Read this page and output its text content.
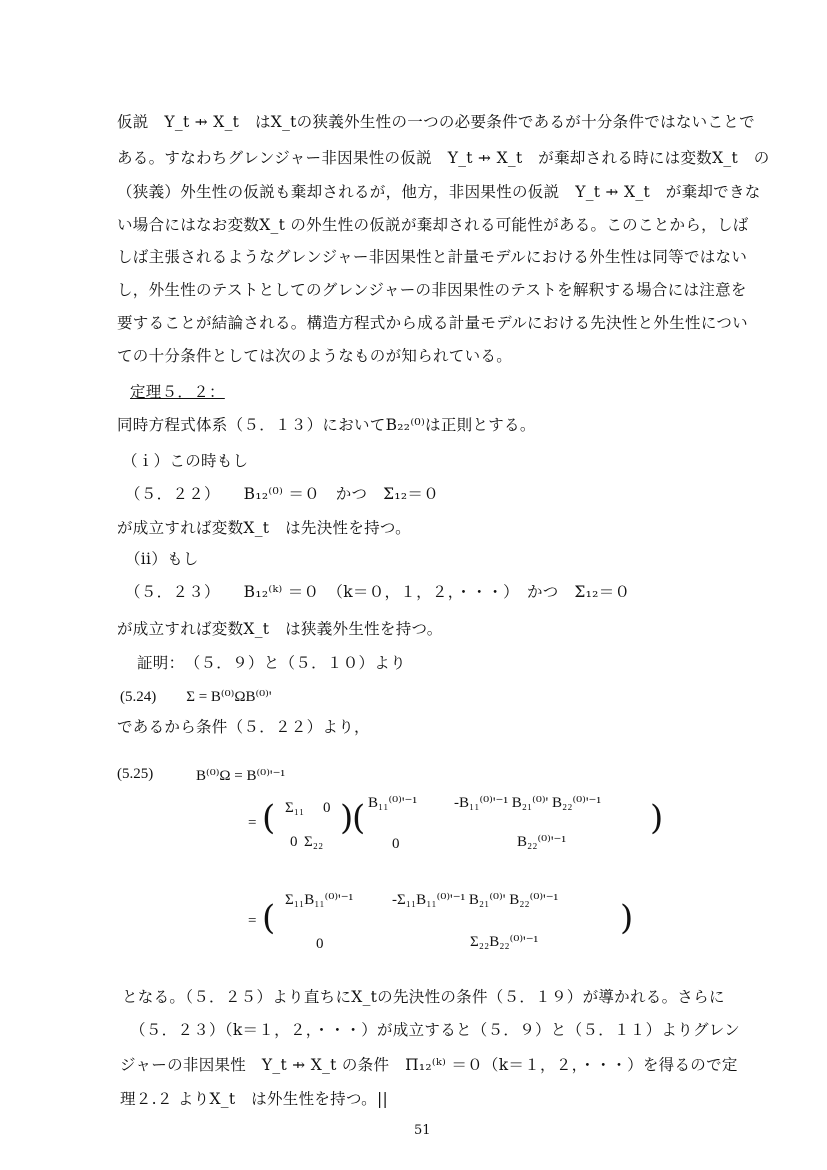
仮説　Y_t ⇸ X_t　はX_tの狭義外生性の一つの必要条件であるが十分条件ではないことで
ある。すなわちグレンジャー非因果性の仮説　Y_t ⇸ X_t　が棄却される時には変数X_t　の
（狭義）外生性の仮説も棄却されるが，他方，非因果性の仮説　Y_t ⇸ X_t　が棄却できな
い場合にはなお変数X_t の外生性の仮説が棄却される可能性がある。このことから，しば
しば主張されるようなグレンジャー非因果性と計量モデルにおける外生性は同等ではない
し，外生性のテストとしてのグレンジャーの非因果性のテストを解釈する場合には注意を
要することが結論される。構造方程式から成る計量モデルにおける先決性と外生性につい
ての十分条件としては次のようなものが知られている。
定理５．２：
同時方程式体系（５．１３）においてB₂₂⁽⁰⁾は正則とする。
（ｉ）この時もし
（５．２２）　　B₁₂⁽⁰⁾ ＝０　かつ　Σ₁₂＝０
が成立すれば変数X_t　は先決性を持つ。
（ii）もし
（５．２３）　　B₁₂⁽ᵏ⁾ ＝０　（k＝０，１，２，・・・）　かつ　Σ₁₂＝０
が成立すれば変数X_t　は狭義外生性を持つ。
証明：　（５．９）と（５．１０）より
(5.24)　　Σ = B⁽⁰⁾ΩB⁽⁰⁾'
であるから条件（５．２２）より，
(5.25)	B⁽⁰⁾Ω = B⁽⁰⁾'⁻¹
= ( Σ₁₁ 0
0 Σ₂₂
)
( B₁₁⁽⁰⁾'⁻¹ -B₁₁⁽⁰⁾'⁻¹ B₂₁⁽⁰⁾' B₂₂⁽⁰⁾'⁻¹
0	B₂₂⁽⁰⁾'⁻¹
)
= ( Σ₁₁B₁₁⁽⁰⁾'⁻¹	-Σ₁₁B₁₁⁽⁰⁾'⁻¹ B₂₁⁽⁰⁾' B₂₂⁽⁰⁾'⁻¹
0	Σ₂₂B₂₂⁽⁰⁾'⁻¹
)
となる。（５．２５）より直ちにX_tの先決性の条件（５．１９）が導かれる。さらに
（５．２３）（k＝１，２，・・・）が成立すると（５．９）と（５．１１）よりグレン
ジャーの非因果性　Y_t ⇸ X_t の条件　Π₁₂⁽ᵏ⁾ ＝０（k＝１，２，・・・）を得るので定
理２.２ よりX_t　は外生性を持つ。||
51
